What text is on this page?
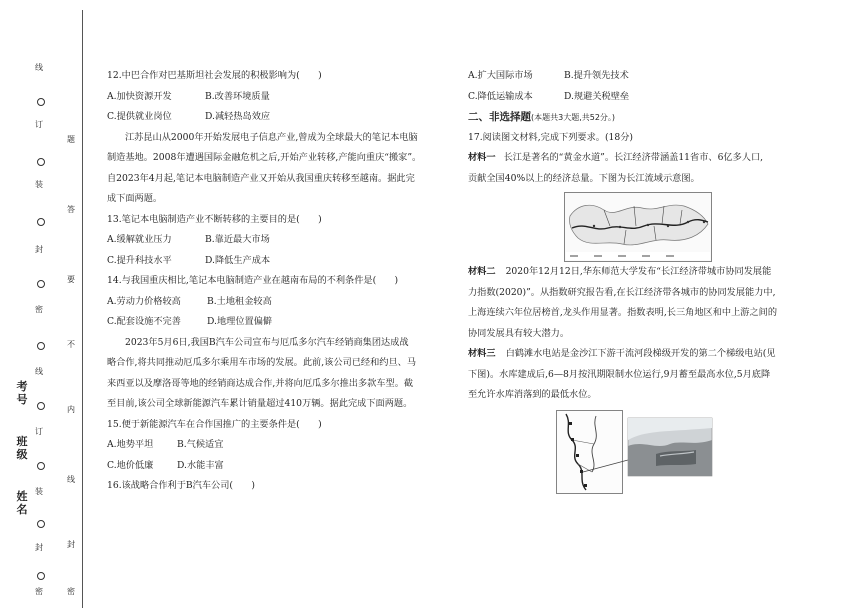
线
订
装
封
密
线
订
装
封
密
题
答
要
不
内
线
封
密
姓名
班级
考号
12.中巴合作对巴基斯坦社会发展的积极影响为(　　)
A.加快资源开发	B.改善环境质量
C.提供就业岗位	D.减轻热岛效应
江苏昆山从2000年开始发展电子信息产业,曾成为全球最大的笔记本电脑
制造基地。2008年遭遇国际金融危机之后,开始产业转移,产能向重庆“搬家”。
自2023年4月起,笔记本电脑制造产业又开始从我国重庆转移至越南。据此完
成下面两题。
13.笔记本电脑制造产业不断转移的主要目的是(　　)
A.缓解就业压力	B.靠近最大市场
C.提升科技水平	D.降低生产成本
14.与我国重庆相比,笔记本电脑制造产业在越南布局的不利条件是(　　)
A.劳动力价格较高	B.土地租金较高
C.配套设施不完善	D.地理位置偏僻
2023年5月6日,我国B汽车公司宣布与厄瓜多尔汽车经销商集团达成战
略合作,将共同推动厄瓜多尔乘用车市场的发展。此前,该公司已经和约旦、马
来西亚以及摩洛哥等地的经销商达成合作,并将向厄瓜多尔推出多款车型。截
至目前,该公司全球新能源汽车累计销量超过410万辆。据此完成下面两题。
15.便于新能源汽车在合作国推广的主要条件是(　　)
A.地势平坦	B.气候适宜
C.地价低廉	D.水能丰富
16.该战略合作利于B汽车公司(　　)
A.扩大国际市场	B.提升领先技术
C.降低运输成本	D.规避关税壁垒
二、非选择题(本题共3大题,共52分。)
17.阅读图文材料,完成下列要求。(18分)
材料一 长江是著名的“黄金水道”。长江经济带涵盖11省市、6亿多人口,
贡献全国40%以上的经济总量。下图为长江流域示意图。
材料二 2020年12月12日,华东师范大学发布“长江经济带城市协同发展能
力指数(2020)”。从指数研究报告看,在长江经济带各城市的协同发展能力中,
上海连续六年位居榜首,龙头作用显著。指数表明,长三角地区和中上游之间的
协同发展具有较大潜力。
材料三 白鹤滩水电站是金沙江下游干流河段梯级开发的第二个梯级电站(见
下图)。水库建成后,6—8月按汛期限制水位运行,9月蓄至最高水位,5月底降
至允许水库消落到的最低水位。
